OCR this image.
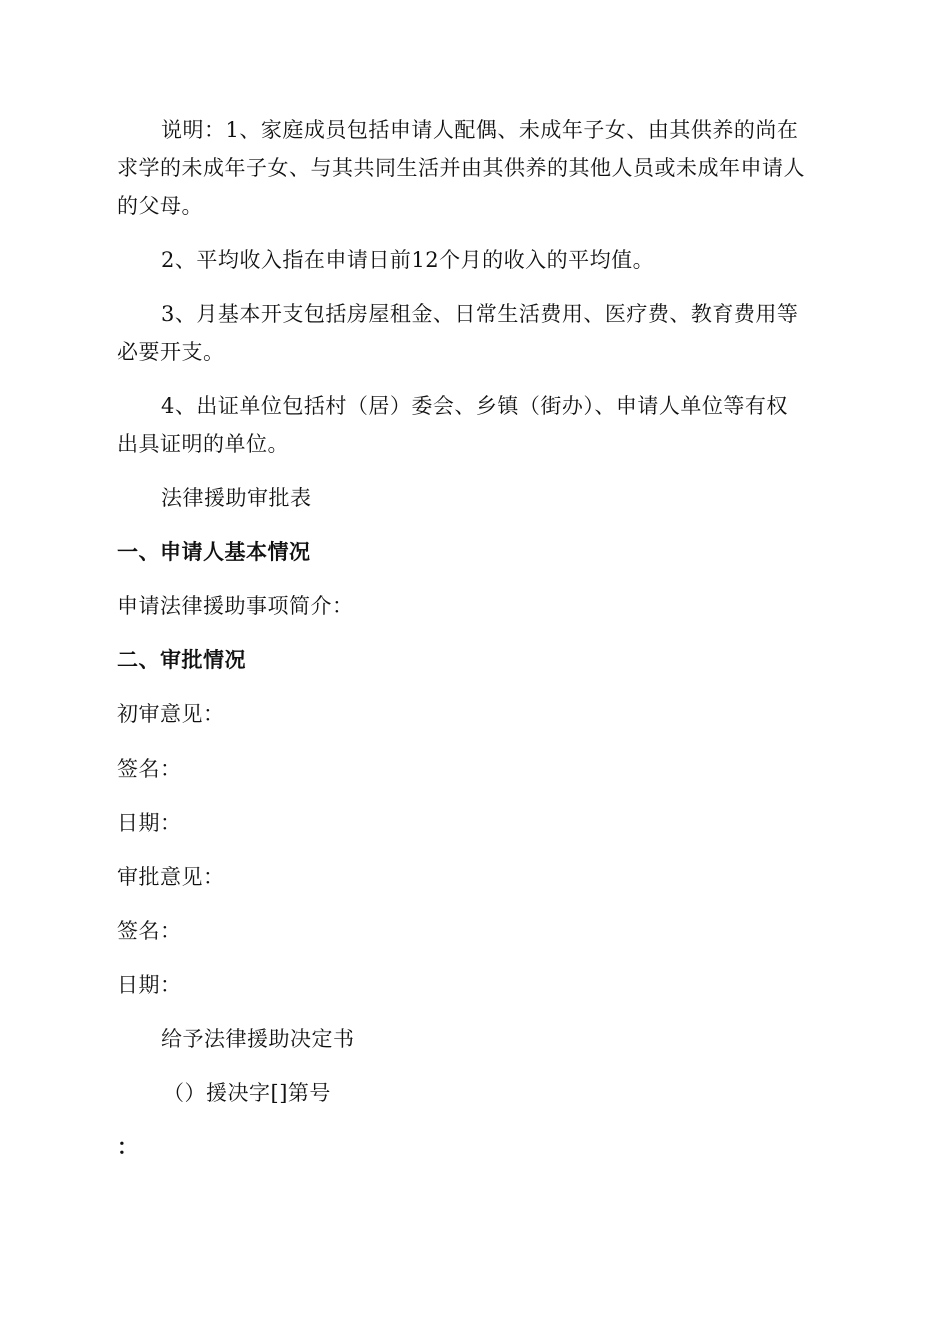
说明：1、家庭成员包括申请人配偶、未成年子女、由其供养的尚在
求学的未成年子女、与其共同生活并由其供养的其他人员或未成年申请人
的父母。
2、平均收入指在申请日前12个月的收入的平均值。
3、月基本开支包括房屋租金、日常生活费用、医疗费、教育费用等
必要开支。
4、出证单位包括村（居）委会、乡镇（街办）、申请人单位等有权
出具证明的单位。
法律援助审批表
一、申请人基本情况
申请法律援助事项简介：
二、审批情况
初审意见：
签名：
日期：
审批意见：
签名：
日期：
给予法律援助决定书
（）援决字[]第号
：
